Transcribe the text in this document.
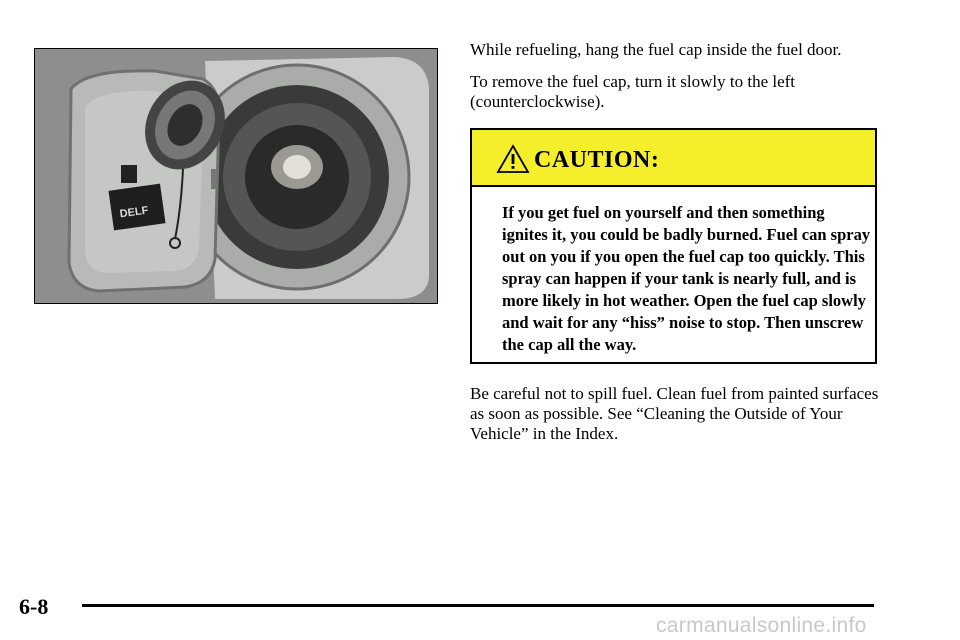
DELF

While refueling, hang the fuel cap inside the fuel door.

To remove the fuel cap, turn it slowly to the left (counterclockwise).

CAUTION:

If you get fuel on yourself and then something ignites it, you could be badly burned. Fuel can spray out on you if you open the fuel cap too quickly. This spray can happen if your tank is nearly full, and is more likely in hot weather. Open the fuel cap slowly and wait for any “hiss” noise to stop. Then unscrew the cap all the way.

Be careful not to spill fuel. Clean fuel from painted surfaces as soon as possible. See “Cleaning the Outside of Your Vehicle” in the Index.

6-8
carmanualsonline.info
